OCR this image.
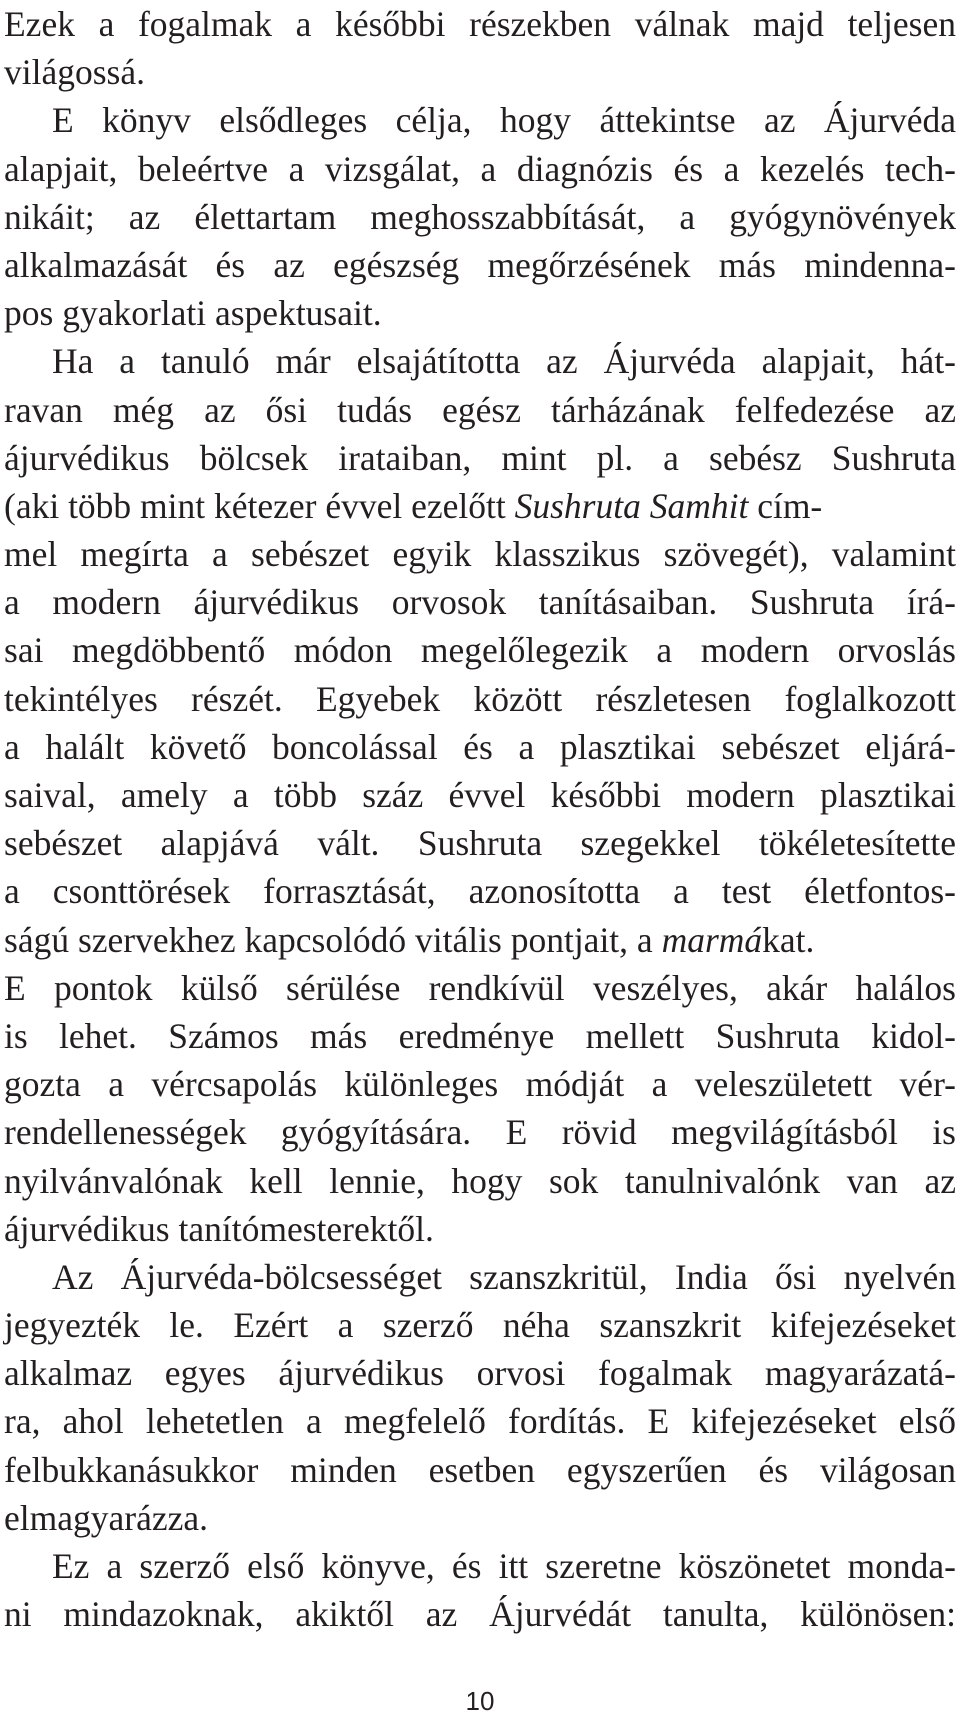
Ezek a fogalmak a későbbi részekben válnak majd teljesen
világossá.
E könyv elsődleges célja, hogy áttekintse az Ájurvéda
alapjait, beleértve a vizsgálat, a diagnózis és a kezelés tech-
nikáit; az élettartam meghosszabbítását, a gyógynövények
alkalmazását és az egészség megőrzésének más mindenna-
pos gyakorlati aspektusait.
Ha a tanuló már elsajátította az Ájurvéda alapjait, hát-
ravan még az ősi tudás egész tárházának felfedezése az
ájurvédikus bölcsek irataiban, mint pl. a sebész Sushruta
(aki több mint kétezer évvel ezelőtt Sushruta Samhit cím-
mel megírta a sebészet egyik klasszikus szövegét), valamint
a modern ájurvédikus orvosok tanításaiban. Sushruta írá-
sai megdöbbentő módon megelőlegezik a modern orvoslás
tekintélyes részét. Egyebek között részletesen foglalkozott
a halált követő boncolással és a plasztikai sebészet eljárá-
saival, amely a több száz évvel későbbi modern plasztikai
sebészet alapjává vált. Sushruta szegekkel tökéletesítette
a csonttörések forrasztását, azonosította a test életfontos-
ságú szervekhez kapcsolódó vitális pontjait, a marmákat.
E pontok külső sérülése rendkívül veszélyes, akár halálos
is lehet. Számos más eredménye mellett Sushruta kidol-
gozta a vércsapolás különleges módját a veleszületett vér-
rendellenességek gyógyítására. E rövid megvilágításból is
nyilvánvalónak kell lennie, hogy sok tanulnivalónk van az
ájurvédikus tanítómesterektől.
Az Ájurvéda-bölcsességet szanszkritül, India ősi nyelvén
jegyezték le. Ezért a szerző néha szanszkrit kifejezéseket
alkalmaz egyes ájurvédikus orvosi fogalmak magyarázatá-
ra, ahol lehetetlen a megfelelő fordítás. E kifejezéseket első
felbukkanásukkor minden esetben egyszerűen és világosan
elmagyarázza.
Ez a szerző első könyve, és itt szeretne köszönetet monda-
ni mindazoknak, akiktől az Ájurvédát tanulta, különösen:
10
